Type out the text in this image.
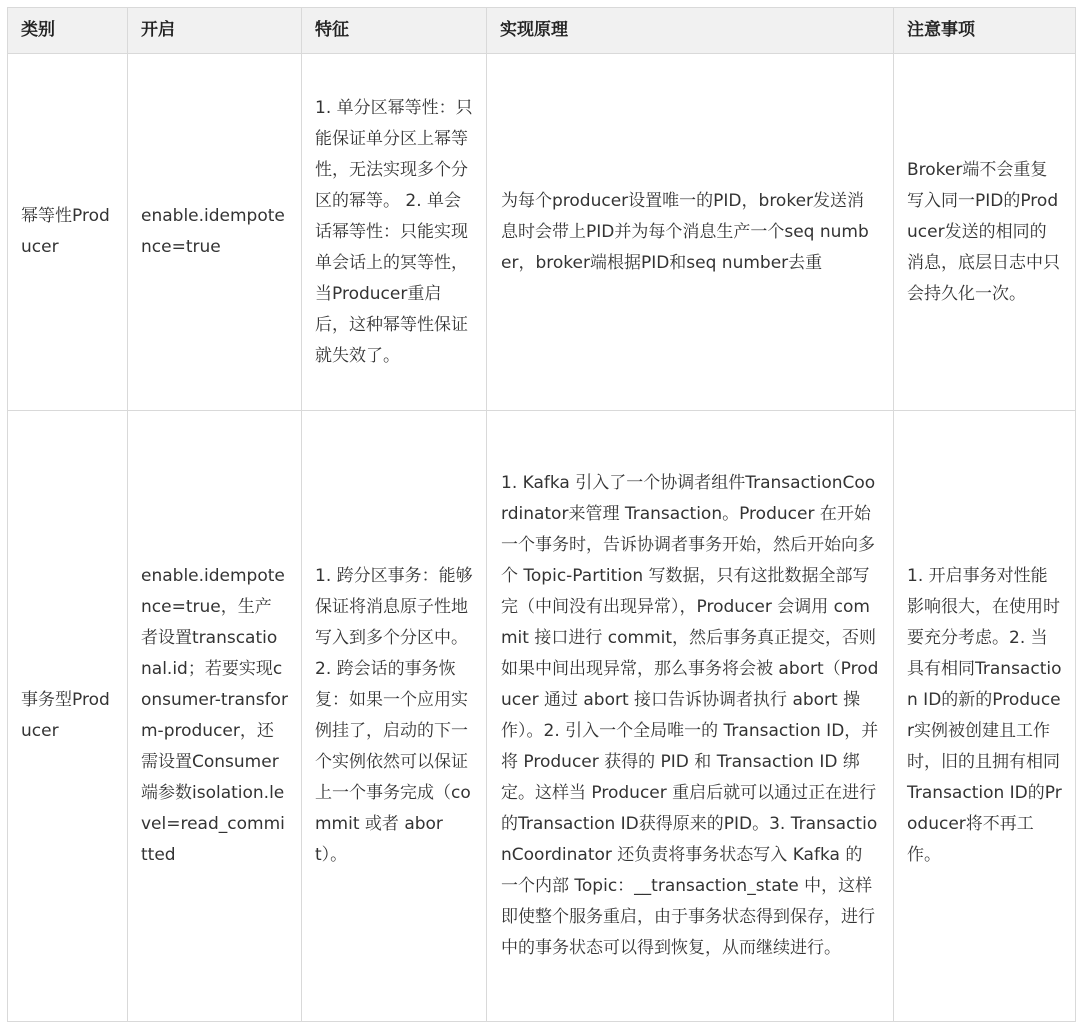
类别	开启	特征	实现原理	注意事项

幂等性Producer	enable.idempotence=true	1. 单分区幂等性：只能保证单分区上幂等性，无法实现多个分区的幂等。 2. 单会话幂等性：只能实现单会话上的冥等性，当Producer重启后，这种幂等性保证就失效了。	为每个producer设置唯一的PID，broker发送消息时会带上PID并为每个消息生产一个seq number，broker端根据PID和seq number去重	Broker端不会重复写入同一PID的Producer发送的相同的消息，底层日志中只会持久化一次。

事务型Producer	enable.idempotence=true，生产者设置transcational.id；若要实现consumer-transform-producer，还需设置Consumer端参数isolation.level=read_committed	1. 跨分区事务：能够保证将消息原子性地写入到多个分区中。2. 跨会话的事务恢复：如果一个应用实例挂了，启动的下一个实例依然可以保证上一个事务完成（commit 或者 abort）。	1. Kafka 引入了一个协调者组件TransactionCoordinator来管理 Transaction。Producer 在开始一个事务时，告诉协调者事务开始，然后开始向多个 Topic-Partition 写数据，只有这批数据全部写完（中间没有出现异常），Producer 会调用 commit 接口进行 commit，然后事务真正提交，否则如果中间出现异常，那么事务将会被 abort（Producer 通过 abort 接口告诉协调者执行 abort 操作）。2. 引入一个全局唯一的 Transaction ID，并将 Producer 获得的 PID 和 Transaction ID 绑定。这样当 Producer 重启后就可以通过正在进行的Transaction ID获得原来的PID。3. TransactionCoordinator 还负责将事务状态写入 Kafka 的一个内部 Topic：__transaction_state 中，这样即使整个服务重启，由于事务状态得到保存，进行中的事务状态可以得到恢复，从而继续进行。	1. 开启事务对性能影响很大，在使用时要充分考虑。2. 当具有相同Transaction ID的新的Producer实例被创建且工作时，旧的且拥有相同Transaction ID的Producer将不再工作。
